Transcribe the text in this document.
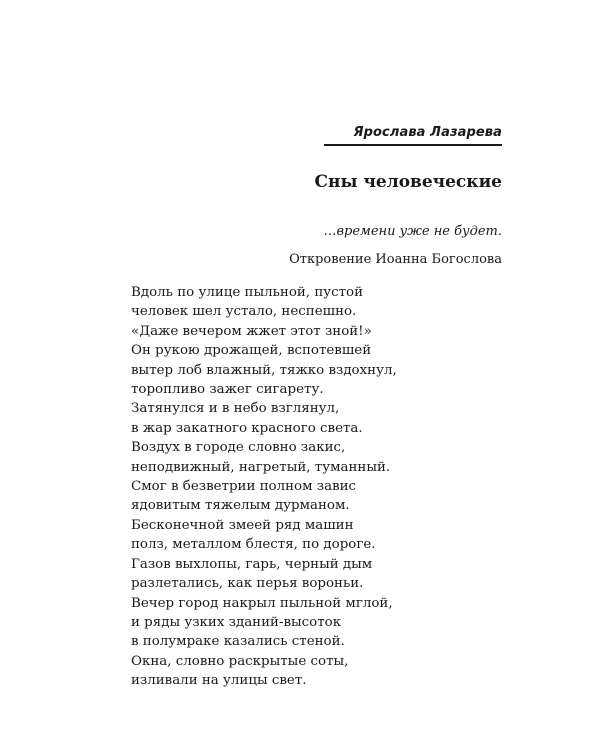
Ярослава Лазарева
Сны человеческие
…времени уже не будет.
Откровение Иоанна Богослова
Вдоль по улице пыльной, пустой
человек шел устало, неспешно.
«Даже вечером жжет этот зной!»
Он рукою дрожащей, вспотевшей
вытер лоб влажный, тяжко вздохнул,
торопливо зажег сигарету.
Затянулся и в небо взглянул,
в жар закатного красного света.
Воздух в городе словно закис,
неподвижный, нагретый, туманный.
Смог в безветрии полном завис
ядовитым тяжелым дурманом.
Бесконечной змеей ряд машин
полз, металлом блестя, по дороге.
Газов выхлопы, гарь, черный дым
разлетались, как перья вороньи.
Вечер город накрыл пыльной мглой,
и ряды узких зданий-высоток
в полумраке казались стеной.
Окна, словно раскрытые соты,
изливали на улицы свет.
